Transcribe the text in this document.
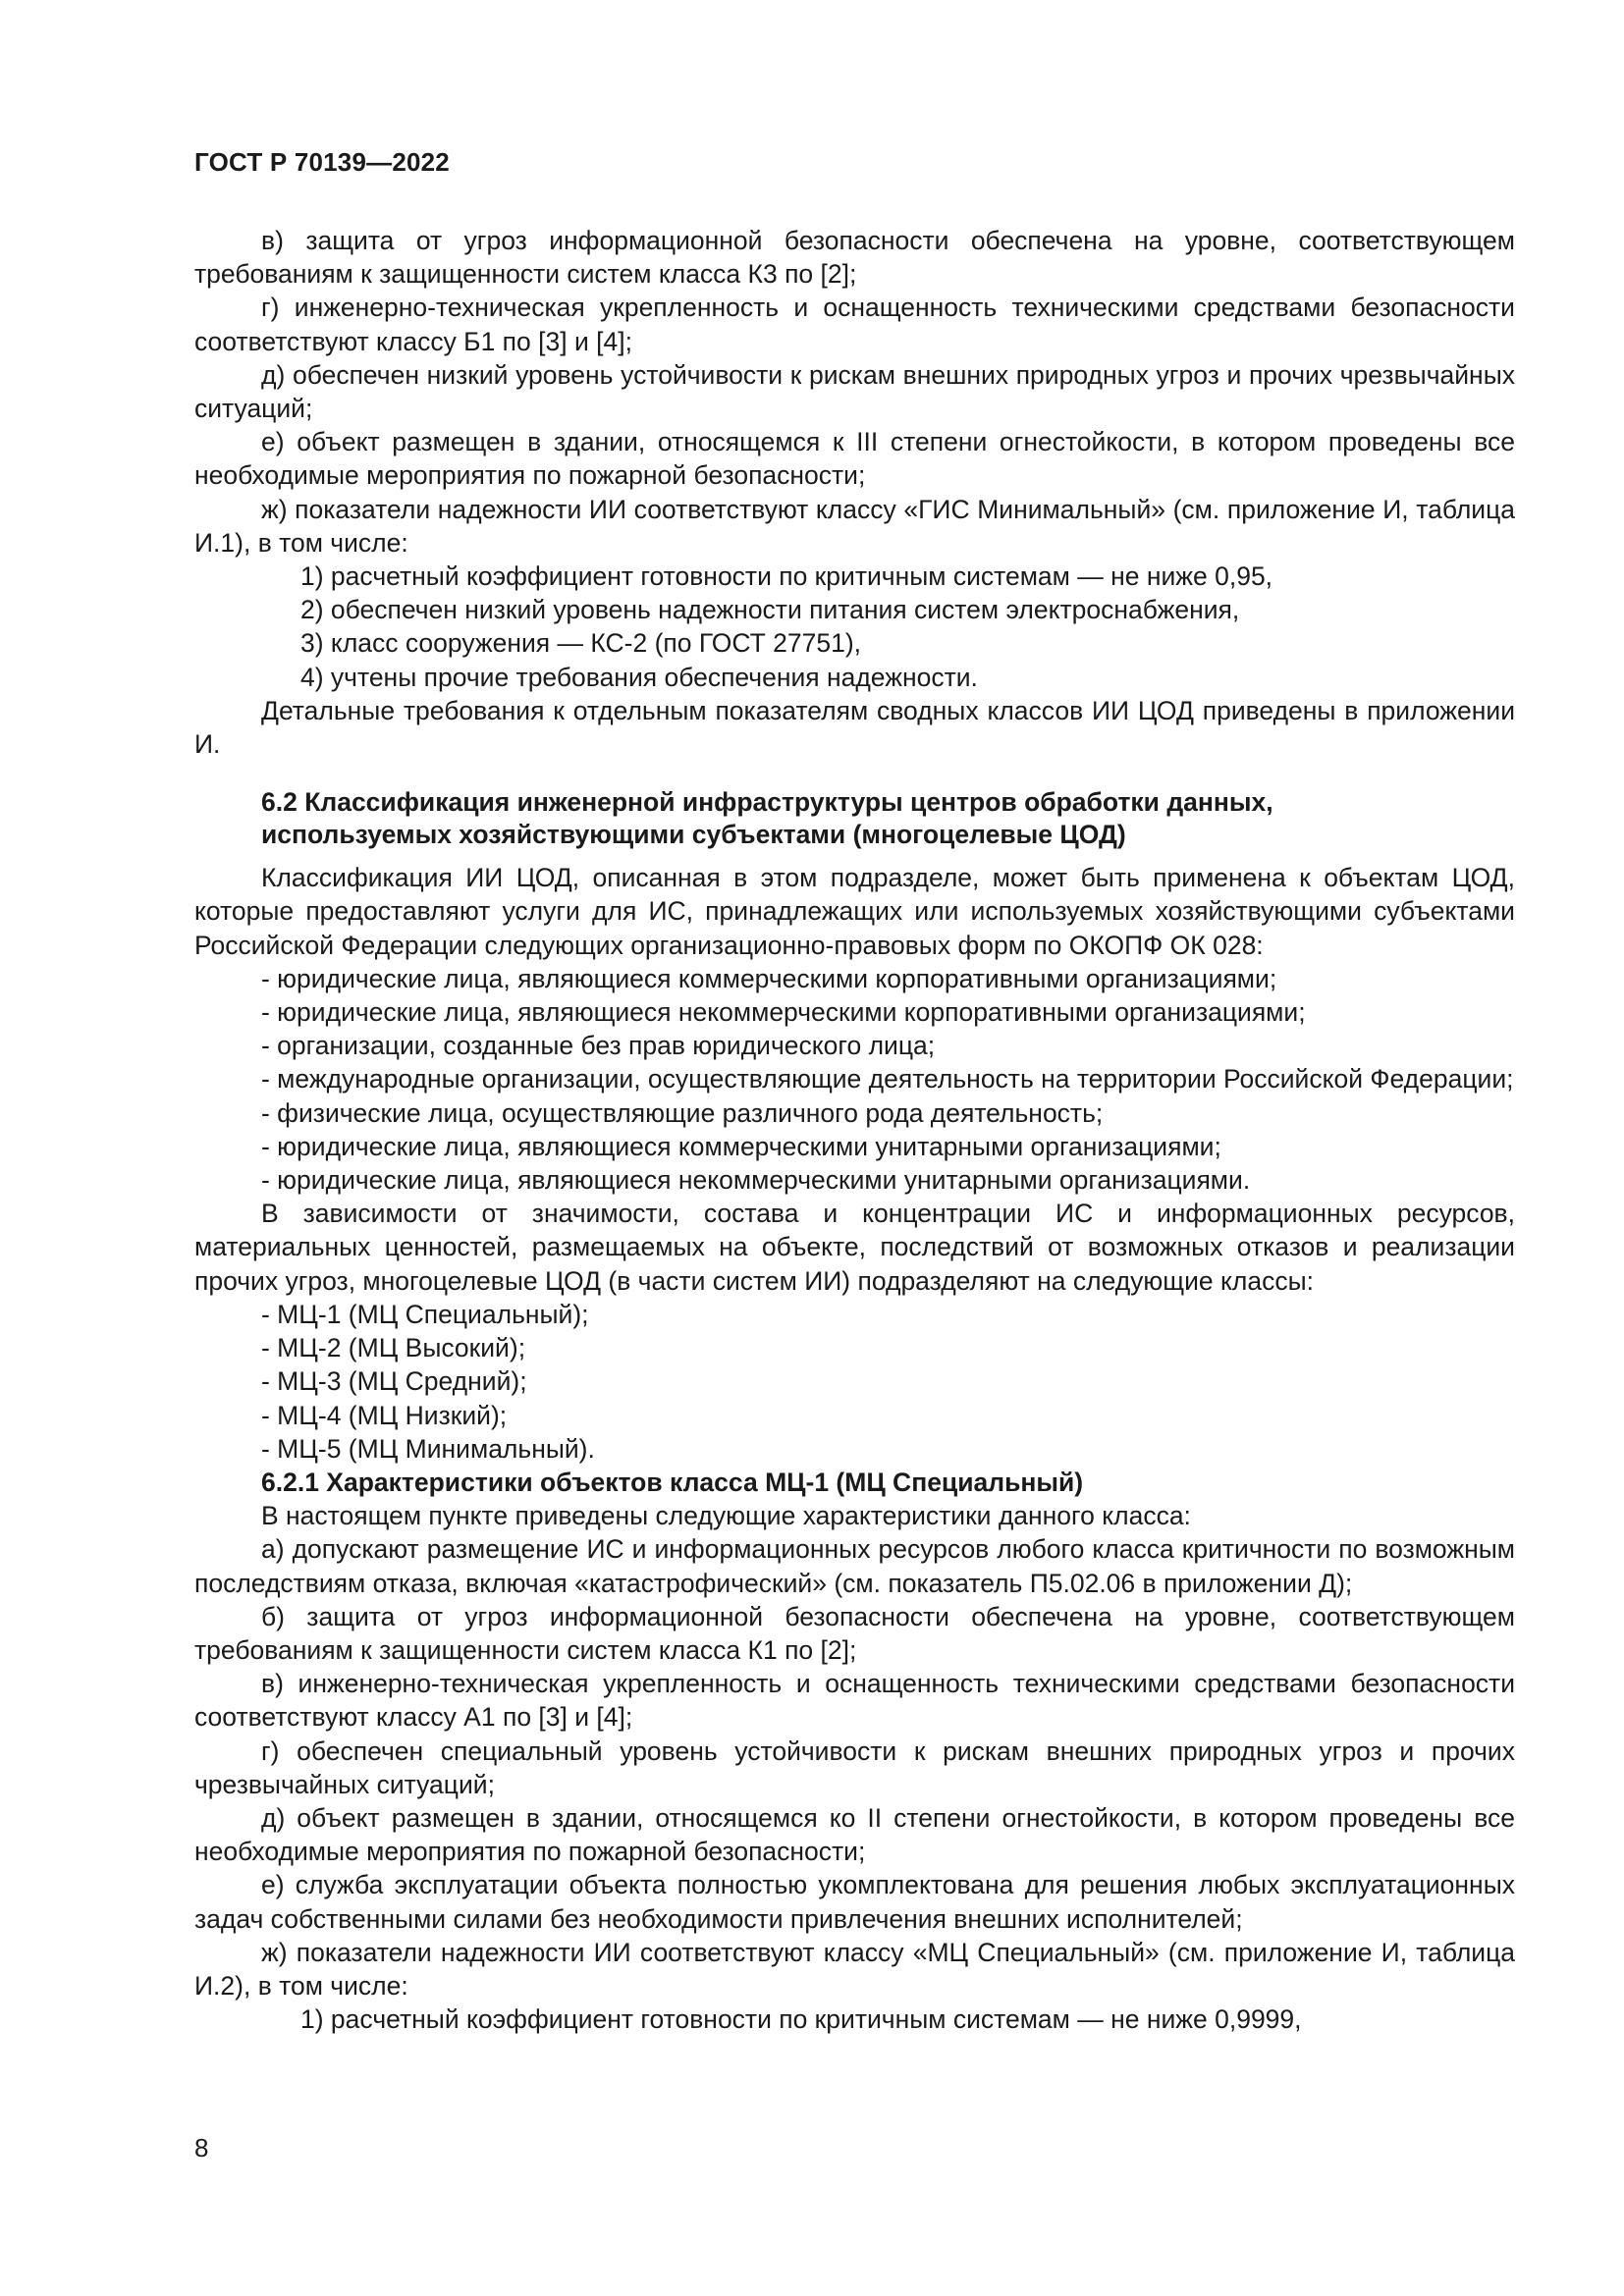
ГОСТ Р 70139—2022

в) защита от угроз информационной безопасности обеспечена на уровне, соответствующем требованиям к защищенности систем класса К3 по [2];

г) инженерно-техническая укрепленность и оснащенность техническими средствами безопасности соответствуют классу Б1 по [3] и [4];

д) обеспечен низкий уровень устойчивости к рискам внешних природных угроз и прочих чрезвычайных ситуаций;

е) объект размещен в здании, относящемся к III степени огнестойкости, в котором проведены все необходимые мероприятия по пожарной безопасности;

ж) показатели надежности ИИ соответствуют классу «ГИС Минимальный» (см. приложение И, таблица И.1), в том числе:

1) расчетный коэффициент готовности по критичным системам — не ниже 0,95,

2) обеспечен низкий уровень надежности питания систем электроснабжения,

3) класс сооружения — КС-2 (по ГОСТ 27751),

4) учтены прочие требования обеспечения надежности.

Детальные требования к отдельным показателям сводных классов ИИ ЦОД приведены в приложении И.

6.2 Классификация инженерной инфраструктуры центров обработки данных,
используемых хозяйствующими субъектами (многоцелевые ЦОД)

Классификация ИИ ЦОД, описанная в этом подразделе, может быть применена к объектам ЦОД, которые предоставляют услуги для ИС, принадлежащих или используемых хозяйствующими субъектами Российской Федерации следующих организационно-правовых форм по ОКОПФ ОК 028:

- юридические лица, являющиеся коммерческими корпоративными организациями;

- юридические лица, являющиеся некоммерческими корпоративными организациями;

- организации, созданные без прав юридического лица;

- международные организации, осуществляющие деятельность на территории Российской Федерации;

- физические лица, осуществляющие различного рода деятельность;

- юридические лица, являющиеся коммерческими унитарными организациями;

- юридические лица, являющиеся некоммерческими унитарными организациями.

В зависимости от значимости, состава и концентрации ИС и информационных ресурсов, материальных ценностей, размещаемых на объекте, последствий от возможных отказов и реализации прочих угроз, многоцелевые ЦОД (в части систем ИИ) подразделяют на следующие классы:

- МЦ-1 (МЦ Специальный);

- МЦ-2 (МЦ Высокий);

- МЦ-3 (МЦ Средний);

- МЦ-4 (МЦ Низкий);

- МЦ-5 (МЦ Минимальный).

6.2.1 Характеристики объектов класса МЦ-1 (МЦ Специальный)

В настоящем пункте приведены следующие характеристики данного класса:

а) допускают размещение ИС и информационных ресурсов любого класса критичности по возможным последствиям отказа, включая «катастрофический» (см. показатель П5.02.06 в приложении Д);

б) защита от угроз информационной безопасности обеспечена на уровне, соответствующем требованиям к защищенности систем класса К1 по [2];

в) инженерно-техническая укрепленность и оснащенность техническими средствами безопасности соответствуют классу А1 по [3] и [4];

г) обеспечен специальный уровень устойчивости к рискам внешних природных угроз и прочих чрезвычайных ситуаций;

д) объект размещен в здании, относящемся ко II степени огнестойкости, в котором проведены все необходимые мероприятия по пожарной безопасности;

е) служба эксплуатации объекта полностью укомплектована для решения любых эксплуатационных задач собственными силами без необходимости привлечения внешних исполнителей;

ж) показатели надежности ИИ соответствуют классу «МЦ Специальный» (см. приложение И, таблица И.2), в том числе:

1) расчетный коэффициент готовности по критичным системам — не ниже 0,9999,

8
